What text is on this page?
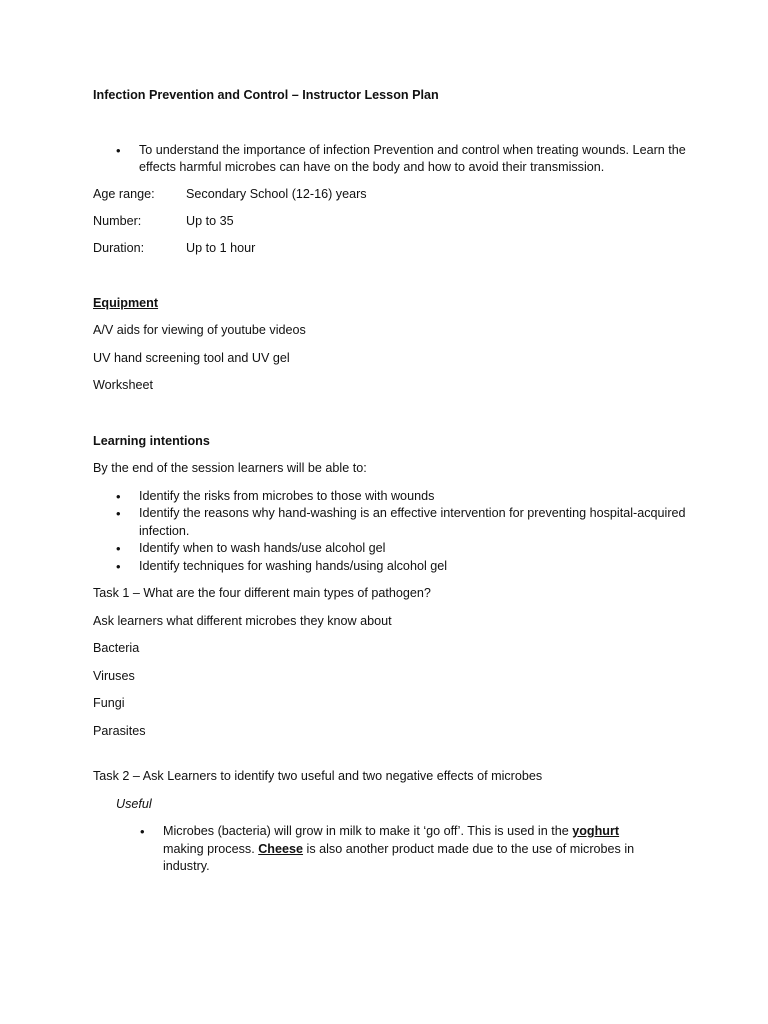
Infection Prevention and Control – Instructor Lesson Plan

• To understand the importance of infection Prevention and control when treating wounds. Learn the effects harmful microbes can have on the body and how to avoid their transmission.
Age range:	Secondary School (12-16) years
Number:	Up to 35
Duration:	Up to 1 hour

Equipment

A/V aids for viewing of youtube videos

UV hand screening tool and UV gel

Worksheet

Learning intentions

By the end of the session learners will be able to:

• Identify the risks from microbes to those with wounds
• Identify the reasons why hand-washing is an effective intervention for preventing hospital-acquired infection.
• Identify when to wash hands/use alcohol gel
• Identify techniques for washing hands/using alcohol gel

Task 1 – What are the four different main types of pathogen?

Ask learners what different microbes they know about

Bacteria

Viruses

Fungi

Parasites

Task 2 – Ask Learners to identify two useful and two negative effects of microbes

Useful

• Microbes (bacteria) will grow in milk to make it ‘go off’. This is used in the yoghurt making process. Cheese is also another product made due to the use of microbes in industry.
